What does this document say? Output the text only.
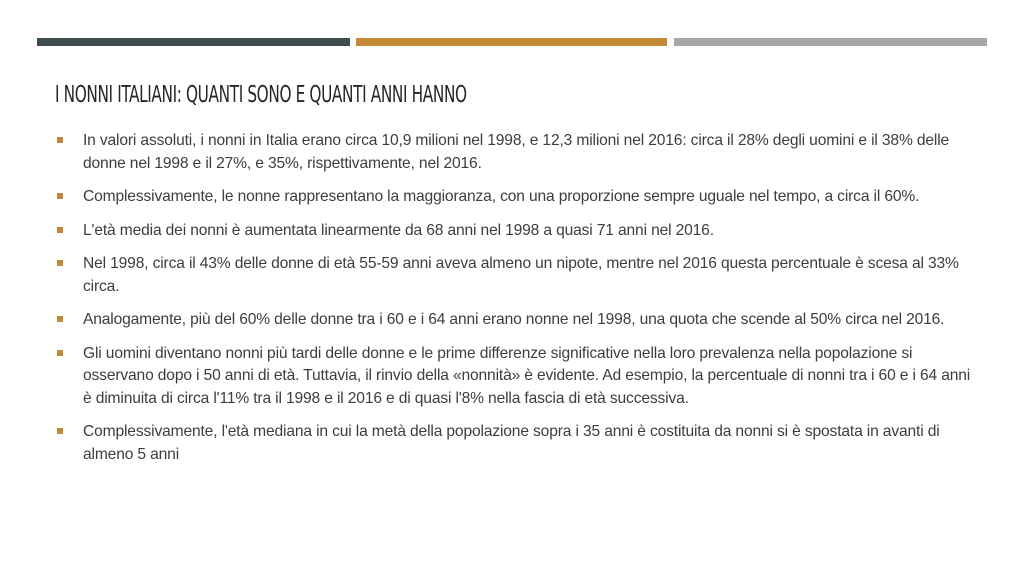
I NONNI ITALIANI: QUANTI SONO E QUANTI ANNI HANNO
In valori assoluti, i nonni in Italia erano circa 10,9 milioni nel 1998, e 12,3 milioni nel 2016: circa il 28% degli uomini e il 38% delle donne nel 1998 e il 27%, e 35%, rispettivamente, nel 2016.
Complessivamente, le nonne rappresentano la maggioranza, con una proporzione sempre uguale nel tempo, a circa il 60%.
L'età media dei nonni è aumentata linearmente da 68 anni nel 1998 a quasi 71 anni nel 2016.
Nel 1998, circa il 43% delle donne di età 55-59 anni aveva almeno un nipote, mentre nel 2016 questa percentuale è scesa al 33% circa.
Analogamente, più del 60% delle donne tra i 60 e i 64 anni erano nonne nel 1998, una quota che scende al 50% circa nel 2016.
Gli uomini diventano nonni più tardi delle donne e le prime differenze significative nella loro prevalenza nella popolazione si osservano dopo i 50 anni di età. Tuttavia, il rinvio della «nonnità» è evidente. Ad esempio, la percentuale di nonni tra i 60 e i 64 anni è diminuita di circa l'11% tra il 1998 e il 2016 e di quasi l'8% nella fascia di età successiva.
Complessivamente, l'età mediana in cui la metà della popolazione sopra i 35 anni è costituita da nonni si è spostata in avanti di almeno 5 anni
